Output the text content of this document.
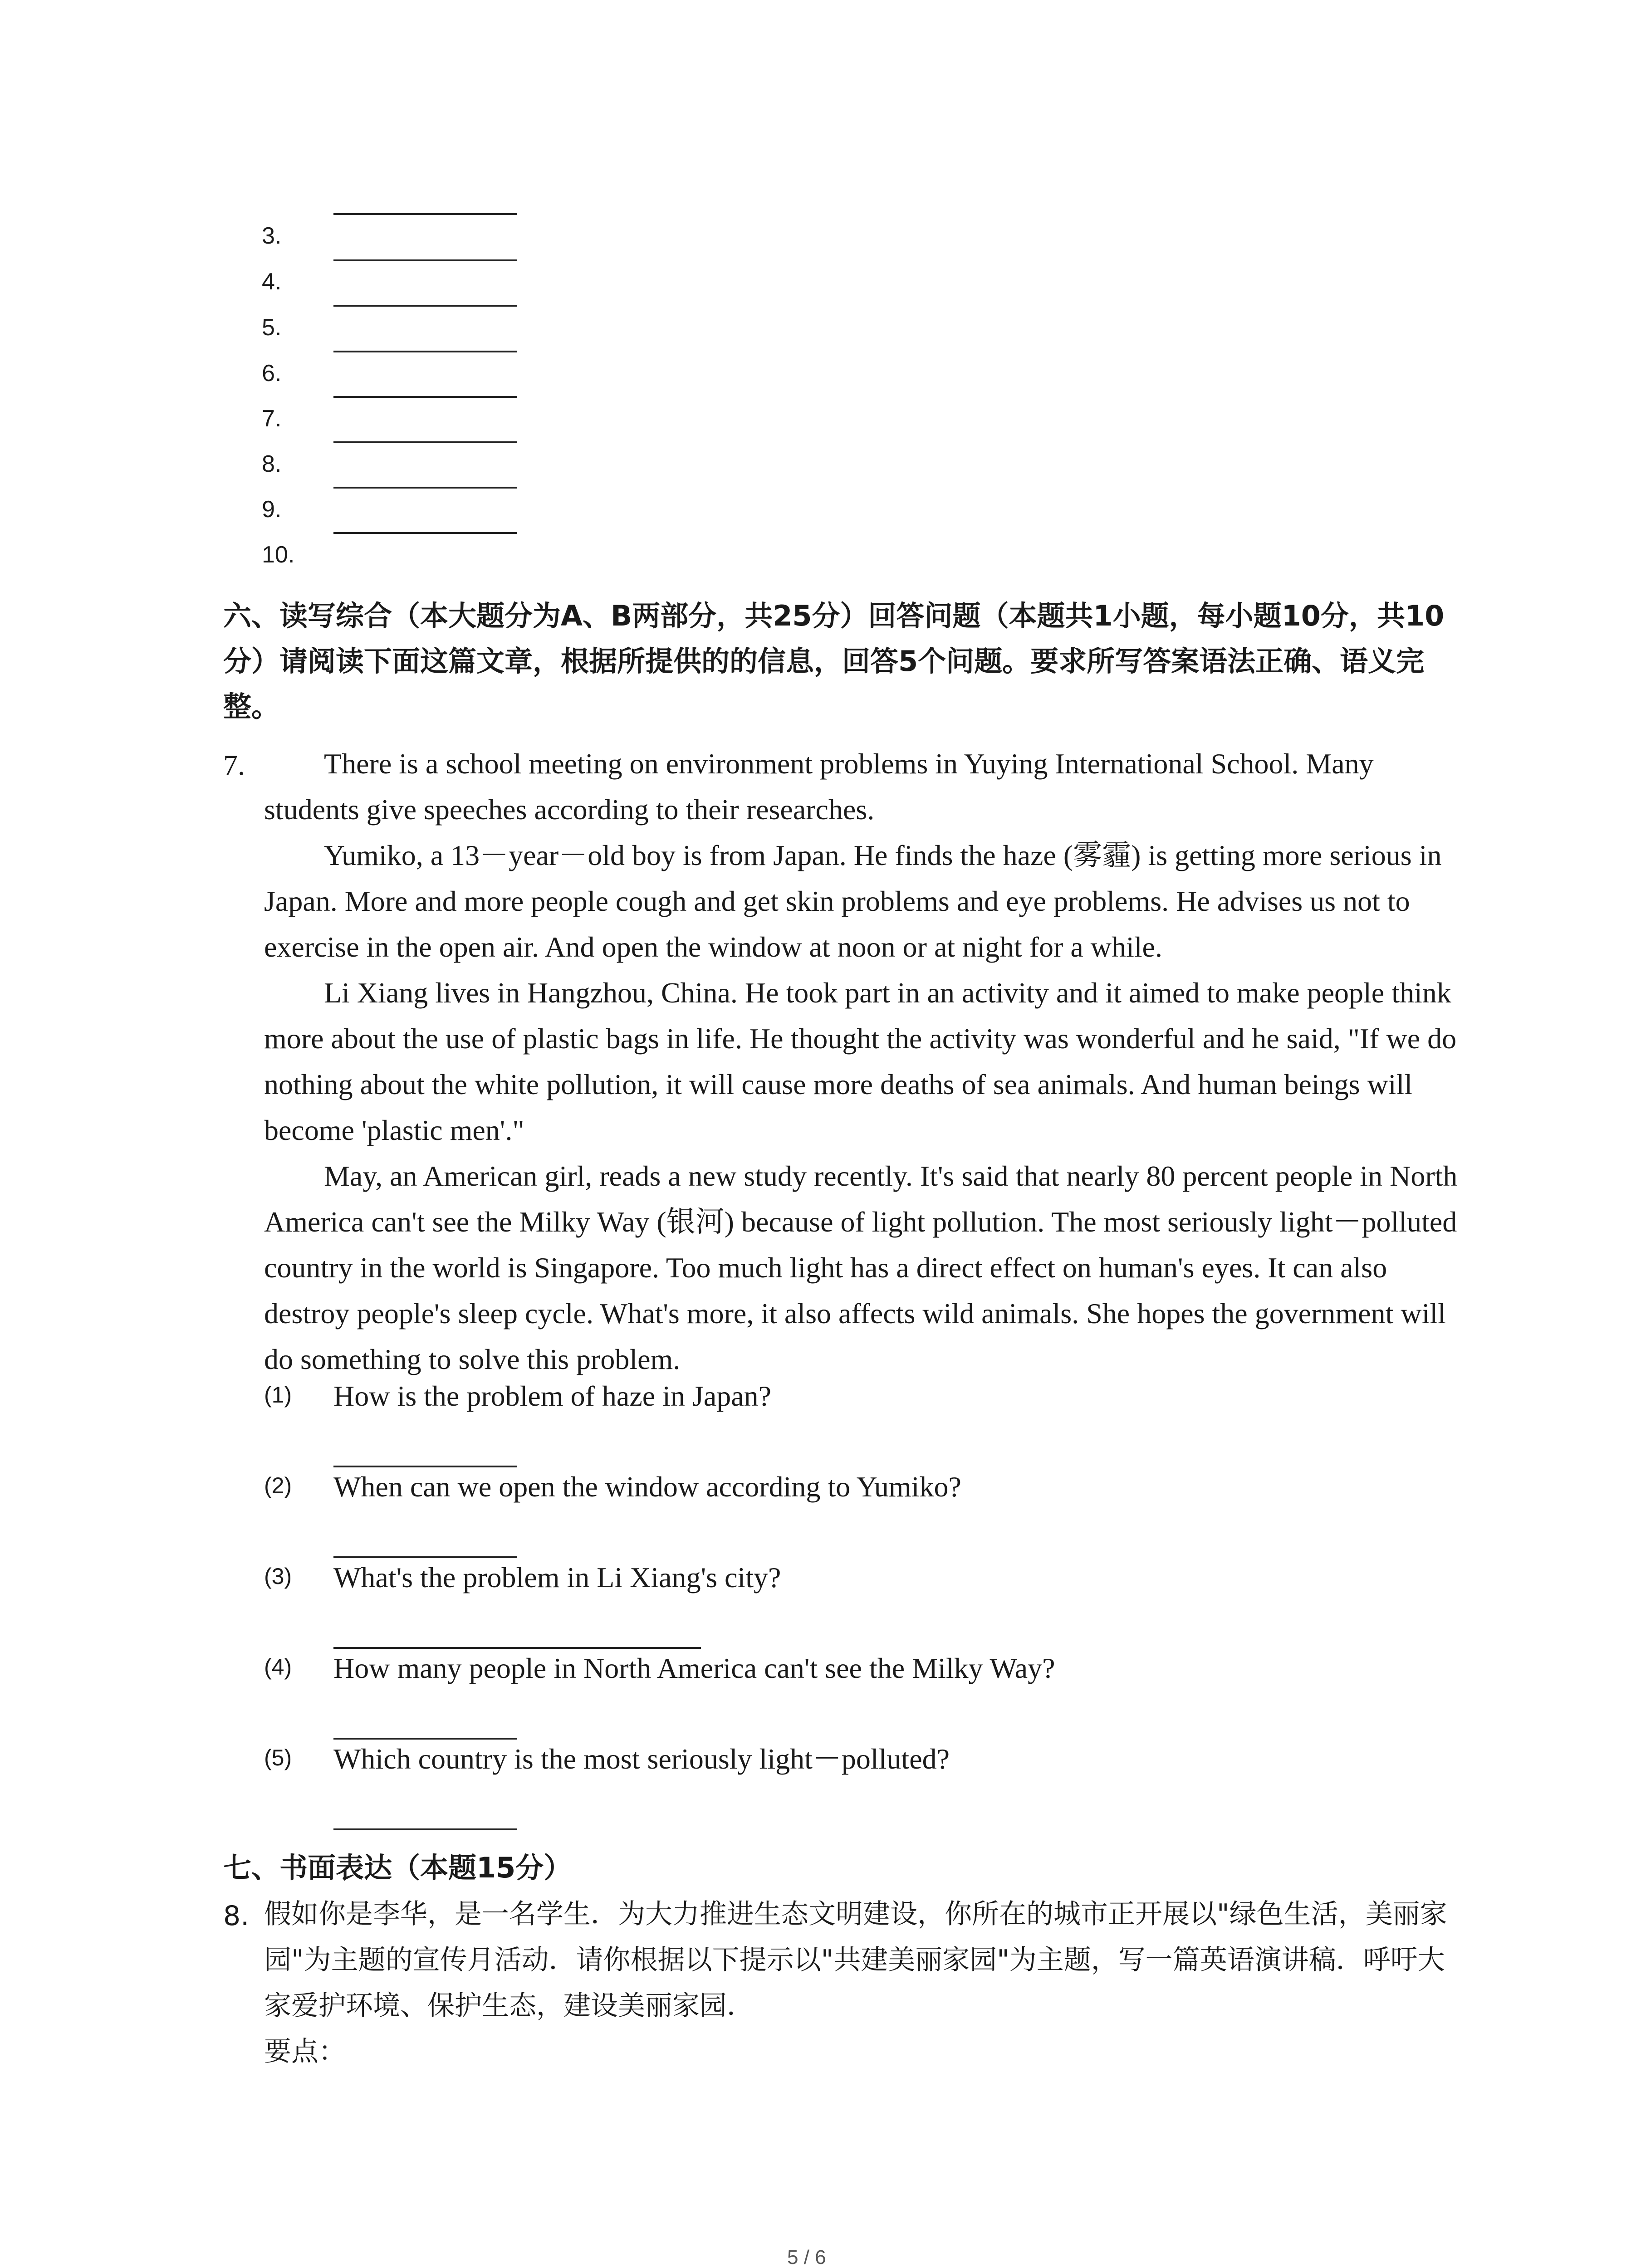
3.
4.
5.
6.
7.
8.
9.
10.

六、读写综合（本大题分为A、B两部分，共25分）回答问题（本题共1小题，每小题10分，共10分）请阅读下面这篇文章，根据所提供的的信息，回答5个问题。要求所写答案语法正确、语义完整。

7.	There is a school meeting on environment problems in Yuying International School. Many students give speeches according to their researches.

Yumiko, a 13－year－old boy is from Japan. He finds the haze (雾霾) is getting more serious in Japan. More and more people cough and get skin problems and eye problems. He advises us not to exercise in the open air. And open the window at noon or at night for a while.

Li Xiang lives in Hangzhou, China. He took part in an activity and it aimed to make people think more about the use of plastic bags in life. He thought the activity was wonderful and he said, "If we do nothing about the white pollution, it will cause more deaths of sea animals. And human beings will become 'plastic men'."

May, an American girl, reads a new study recently. It's said that nearly 80 percent people in North America can't see the Milky Way (银河) because of light pollution. The most seriously light－polluted country in the world is Singapore. Too much light has a direct effect on human's eyes. It can also destroy people's sleep cycle. What's more, it also affects wild animals. She hopes the government will do something to solve this problem.

(1) How is the problem of haze in Japan?
(2) When can we open the window according to Yumiko?
(3) What's the problem in Li Xiang's city?
(4) How many people in North America can't see the Milky Way?
(5) Which country is the most seriously light－polluted?

七、书面表达（本题15分）

8. 假如你是李华，是一名学生．为大力推进生态文明建设，你所在的城市正开展以"绿色生活，美丽家园"为主题的宣传月活动．请你根据以下提示以"共建美丽家园"为主题，写一篇英语演讲稿．呼吁大家爱护环境、保护生态，建设美丽家园．

要点：

5 / 6
